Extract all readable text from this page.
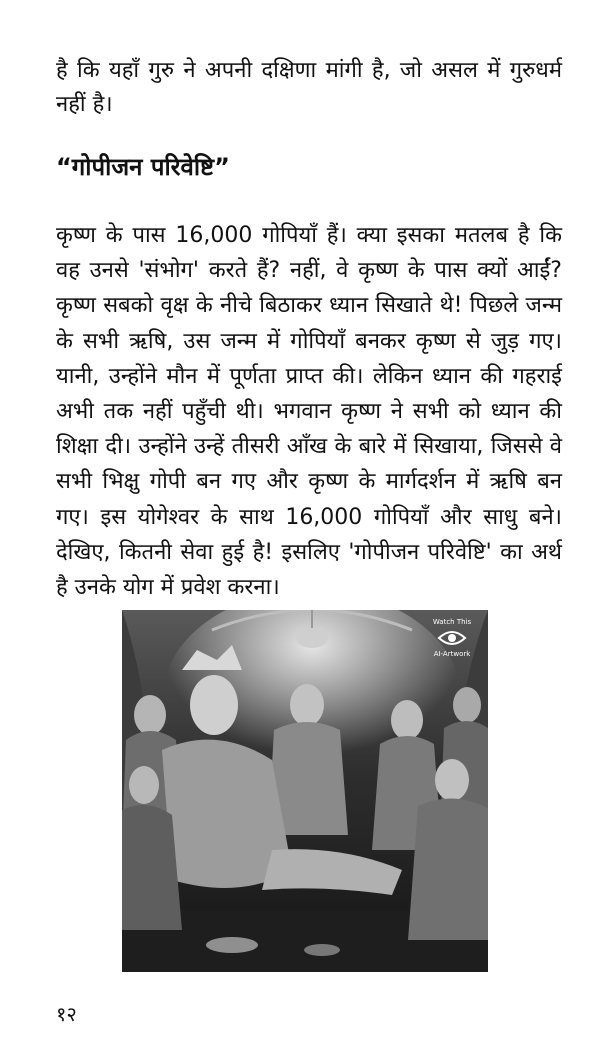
है कि यहाँ गुरु ने अपनी दक्षिणा मांगी है, जो असल में गुरुधर्म नहीं है।

“गोपीजन परिवेष्टि”

कृष्ण के पास 16,000 गोपियाँ हैं। क्या इसका मतलब है कि वह उनसे 'संभोग' करते हैं? नहीं, वे कृष्ण के पास क्यों आईं? कृष्ण सबको वृक्ष के नीचे बिठाकर ध्यान सिखाते थे! पिछले जन्म के सभी ऋषि, उस जन्म में गोपियाँ बनकर कृष्ण से जुड़ गए। यानी, उन्होंने मौन में पूर्णता प्राप्त की। लेकिन ध्यान की गहराई अभी तक नहीं पहुँची थी। भगवान कृष्ण ने सभी को ध्यान की शिक्षा दी। उन्होंने उन्हें तीसरी आँख के बारे में सिखाया, जिससे वे सभी भिक्षु गोपी बन गए और कृष्ण के मार्गदर्शन में ऋषि बन गए। इस योगेश्वर के साथ 16,000 गोपियाँ और साधु बने। देखिए, कितनी सेवा हुई है! इसलिए 'गोपीजन परिवेष्टि' का अर्थ है उनके योग में प्रवेश करना।

Watch This
AI-Artwork

१२
